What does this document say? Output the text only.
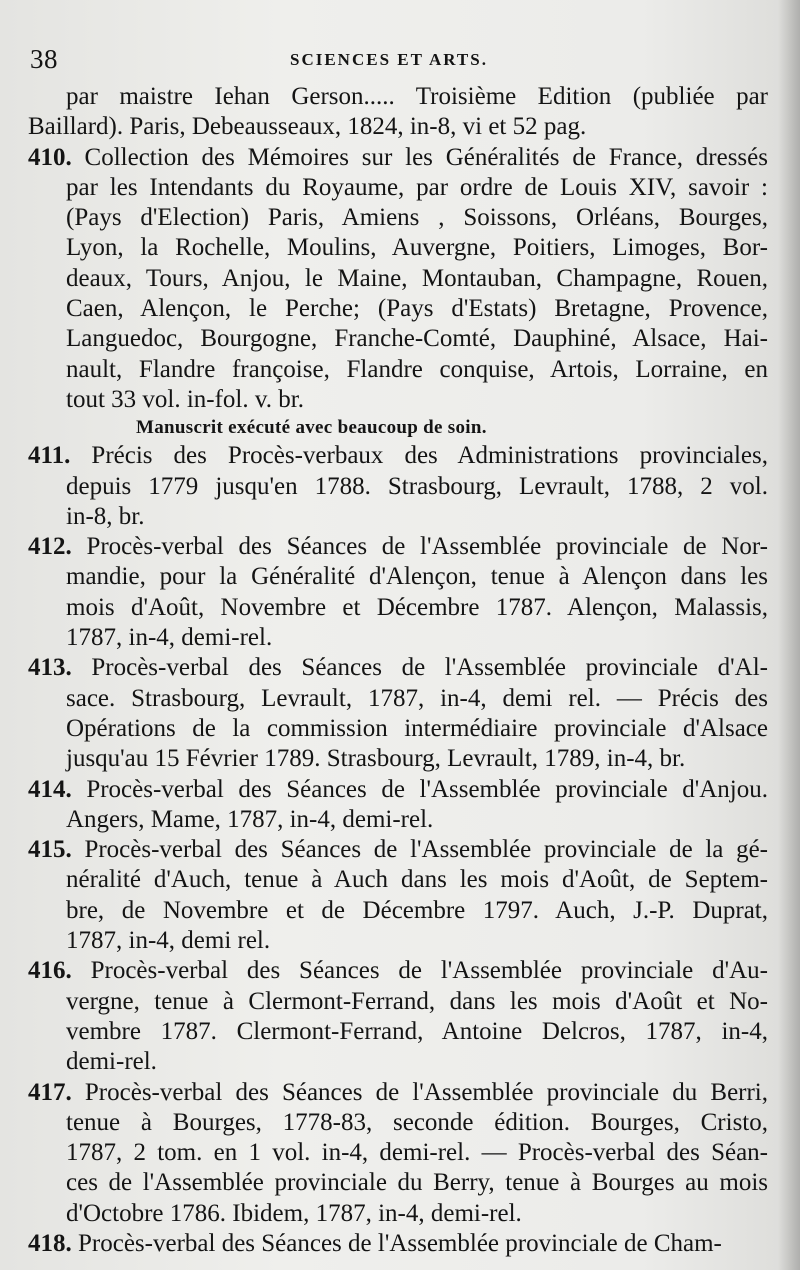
38	SCIENCES ET ARTS.
par maistre Iehan Gerson..... Troisième Edition (publiée par
Baillard). Paris, Debeausseaux, 1824, in-8, vi et 52 pag.
410. Collection des Mémoires sur les Généralités de France, dressés
par les Intendants du Royaume, par ordre de Louis XIV, savoir :
(Pays d'Election) Paris, Amiens , Soissons, Orléans, Bourges,
Lyon, la Rochelle, Moulins, Auvergne, Poitiers, Limoges, Bor-
deaux, Tours, Anjou, le Maine, Montauban, Champagne, Rouen,
Caen, Alençon, le Perche; (Pays d'Estats) Bretagne, Provence,
Languedoc, Bourgogne, Franche-Comté, Dauphiné, Alsace, Hai-
nault, Flandre françoise, Flandre conquise, Artois, Lorraine, en
tout 33 vol. in-fol. v. br.
Manuscrit exécuté avec beaucoup de soin.
411. Précis des Procès-verbaux des Administrations provinciales,
depuis 1779 jusqu'en 1788. Strasbourg, Levrault, 1788, 2 vol.
in-8, br.
412. Procès-verbal des Séances de l'Assemblée provinciale de Nor-
mandie, pour la Généralité d'Alençon, tenue à Alençon dans les
mois d'Août, Novembre et Décembre 1787. Alençon, Malassis,
1787, in-4, demi-rel.
413. Procès-verbal des Séances de l'Assemblée provinciale d'Al-
sace. Strasbourg, Levrault, 1787, in-4, demi rel. — Précis des
Opérations de la commission intermédiaire provinciale d'Alsace
jusqu'au 15 Février 1789. Strasbourg, Levrault, 1789, in-4, br.
414. Procès-verbal des Séances de l'Assemblée provinciale d'Anjou.
Angers, Mame, 1787, in-4, demi-rel.
415. Procès-verbal des Séances de l'Assemblée provinciale de la gé-
néralité d'Auch, tenue à Auch dans les mois d'Août, de Septem-
bre, de Novembre et de Décembre 1797. Auch, J.-P. Duprat,
1787, in-4, demi rel.
416. Procès-verbal des Séances de l'Assemblée provinciale d'Au-
vergne, tenue à Clermont-Ferrand, dans les mois d'Août et No-
vembre 1787. Clermont-Ferrand, Antoine Delcros, 1787, in-4,
demi-rel.
417. Procès-verbal des Séances de l'Assemblée provinciale du Berri,
tenue à Bourges, 1778-83, seconde édition. Bourges, Cristo,
1787, 2 tom. en 1 vol. in-4, demi-rel. — Procès-verbal des Séan-
ces de l'Assemblée provinciale du Berry, tenue à Bourges au mois
d'Octobre 1786. Ibidem, 1787, in-4, demi-rel.
418. Procès-verbal des Séances de l'Assemblée provinciale de Cham-
